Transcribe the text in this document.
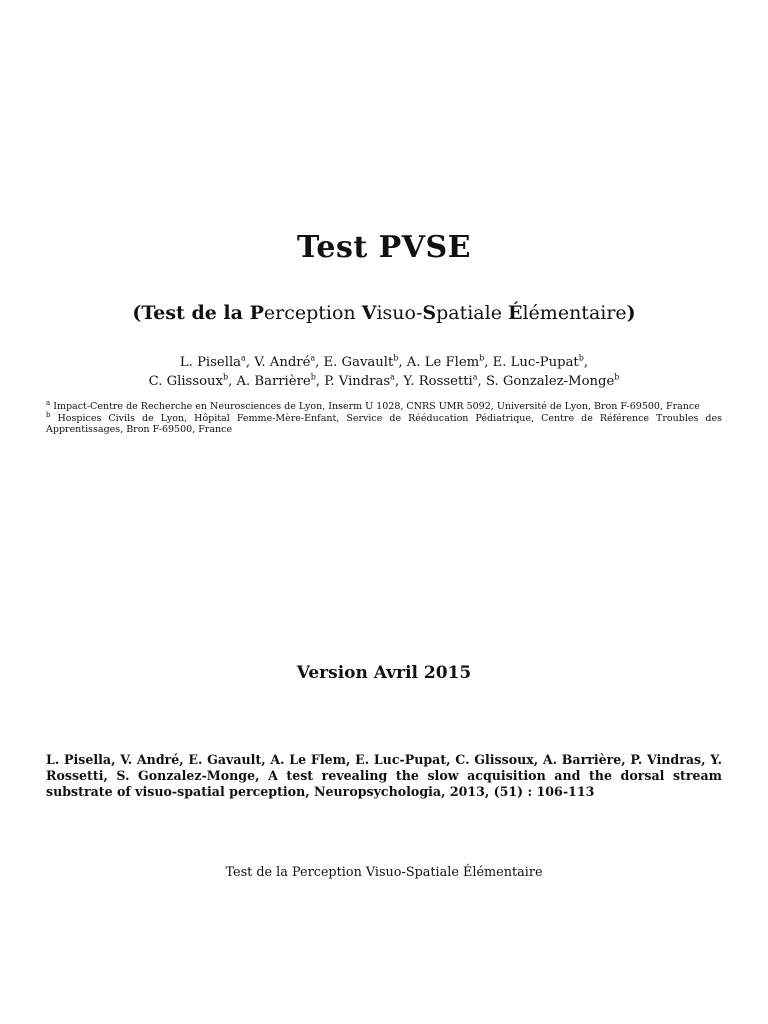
Test PVSE
(Test de la Perception Visuo-Spatiale Élémentaire)
L. Pisella$^a$, V. André$^a$, E. Gavault$^b$, A. Le Flem$^b$, E. Luc-Pupat$^b$,
C. Glissoux$^b$, A. Barrière$^b$, P. Vindras$^a$, Y. Rossetti$^a$, S. Gonzalez-Monge$^b$

$^a$ Impact-Centre de Recherche en Neurosciences de Lyon, Inserm U 1028, CNRS UMR 5092, Université de Lyon, Bron F-69500, France

$^b$ Hospices Civils de Lyon, Hôpital Femme-Mère-Enfant, Service de Rééducation Pédiatrique, Centre de Référence Troubles des Apprentissages, Bron F-69500, France

Version Avril 2015
L. Pisella, V. André, E. Gavault, A. Le Flem, E. Luc-Pupat, C. Glissoux, A. Barrière, P. Vindras, Y. Rossetti, S. Gonzalez-Monge, A test revealing the slow acquisition and the dorsal stream substrate of visuo-spatial perception, Neuropsychologia, 2013, (51) : 106-113
Test de la Perception Visuo-Spatiale Élémentaire
